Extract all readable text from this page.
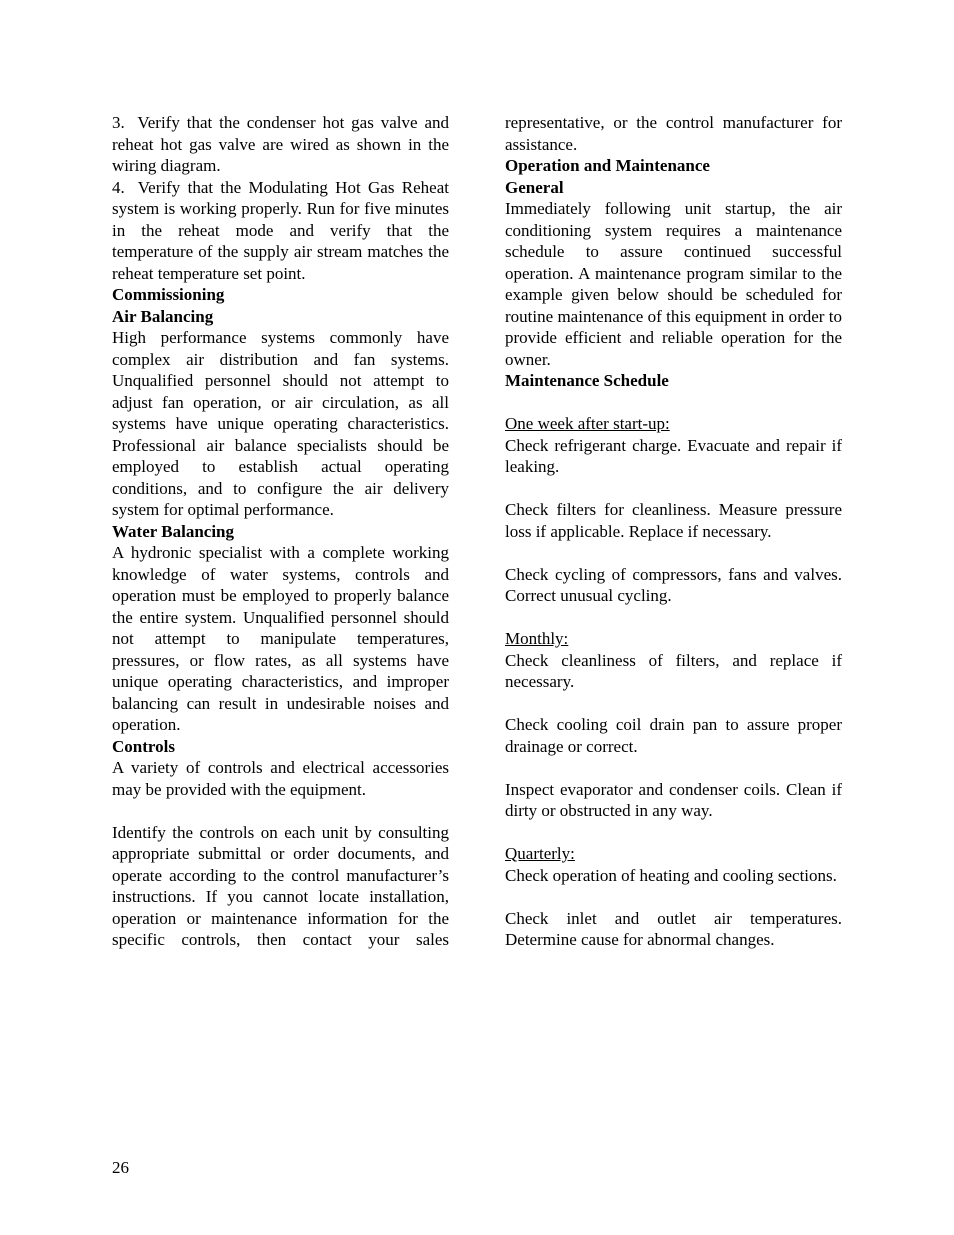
3. Verify that the condenser hot gas valve and reheat hot gas valve are wired as shown in the wiring diagram.

4. Verify that the Modulating Hot Gas Reheat system is working properly. Run for five minutes in the reheat mode and verify that the temperature of the supply air stream matches the reheat temperature set point.

Commissioning

Air Balancing

High performance systems commonly have complex air distribution and fan systems. Unqualified personnel should not attempt to adjust fan operation, or air circulation, as all systems have unique operating characteristics. Professional air balance specialists should be employed to establish actual operating conditions, and to configure the air delivery system for optimal performance.

Water Balancing

A hydronic specialist with a complete working knowledge of water systems, controls and operation must be employed to properly balance the entire system. Unqualified personnel should not attempt to manipulate temperatures, pressures, or flow rates, as all systems have unique operating characteristics, and improper balancing can result in undesirable noises and operation.

Controls

A variety of controls and electrical accessories may be provided with the equipment.

Identify the controls on each unit by consulting appropriate submittal or order documents, and operate according to the control manufacturer’s instructions. If you cannot locate installation, operation or maintenance information for the specific controls, then contact your sales

representative, or the control manufacturer for assistance.

Operation and Maintenance

General

Immediately following unit startup, the air conditioning system requires a maintenance schedule to assure continued successful operation. A maintenance program similar to the example given below should be scheduled for routine maintenance of this equipment in order to provide efficient and reliable operation for the owner.

Maintenance Schedule

One week after start-up:

Check refrigerant charge. Evacuate and repair if leaking.

Check filters for cleanliness. Measure pressure loss if applicable. Replace if necessary.

Check cycling of compressors, fans and valves. Correct unusual cycling.

Monthly:

Check cleanliness of filters, and replace if necessary.

Check cooling coil drain pan to assure proper drainage or correct.

Inspect evaporator and condenser coils. Clean if dirty or obstructed in any way.

Quarterly:

Check operation of heating and cooling sections.

Check inlet and outlet air temperatures. Determine cause for abnormal changes.

26
